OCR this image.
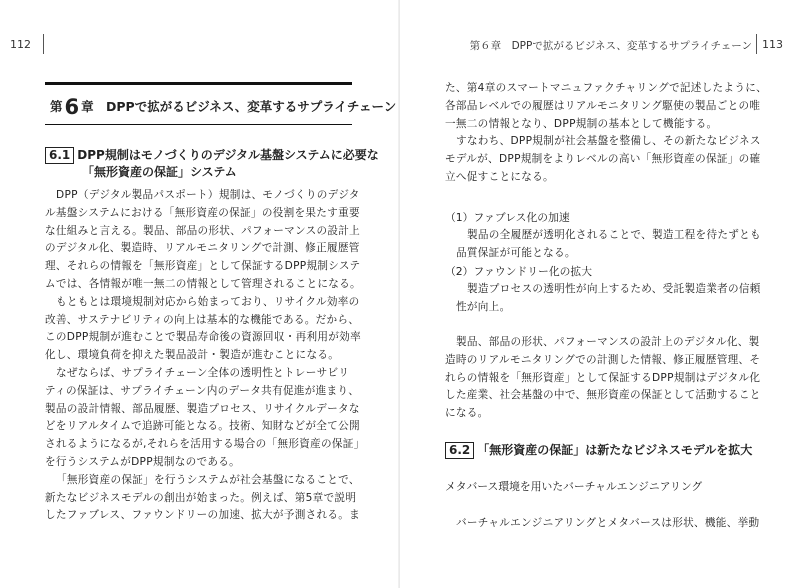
112
第6 章 DPPで拡がるビジネス、変革するサプライチェーン
6.1 DPP規制はモノづくりのデジタル基盤システムに必要な
「無形資産の保証」システム

DPP（デジタル製品パスポート）規制は、モノづくりのデジタ

ル基盤システムにおける「無形資産の保証」の役割を果たす重要

な仕組みと言える。製品、部品の形状、パフォーマンスの設計上

のデジタル化、製造時、リアルモニタリングで計測、修正履歴管

理、それらの情報を「無形資産」として保証するDPP規制システ

ムでは、各情報が唯一無二の情報として管理されることになる。

もともとは環境規制対応から始まっており、リサイクル効率の

改善、サステナビリティの向上は基本的な機能である。だから、

このDPP規制が進むことで製品寿命後の資源回収・再利用が効率

化し、環境負荷を抑えた製品設計・製造が進むことになる。

なぜならば、サプライチェーン全体の透明性とトレーサビリ

ティの保証は、サプライチェーン内のデータ共有促進が進まり、

製品の設計情報、部品履歴、製造プロセス、リサイクルデータな

どをリアルタイムで追跡可能となる。技術、知財などが全て公開

されるようになるが,それらを活用する場合の「無形資産の保証」

を行うシステムがDPP規制なのである。

「無形資産の保証」を行うシステムが社会基盤になることで、

新たなビジネスモデルの創出が始まった。例えば、第5章で説明

したファブレス、ファウンドリーの加速、拡大が予測される。ま

第６章　DPPで拡がるビジネス、変革するサプライチェーン 113

た、第4章のスマートマニュファクチャリングで記述したように、

各部品レベルでの履歴はリアルモニタリング駆使の製品ごとの唯

一無二の情報となり、DPP規制の基本として機能する。

すなわち、DPP規制が社会基盤を整備し、その新たなビジネス

モデルが、DPP規制をよりレベルの高い「無形資産の保証」の確

立へ促すことになる。

（1）ファブレス化の加速

製品の全履歴が透明化されることで、製造工程を待たずとも

品質保証が可能となる。

（2）ファウンドリー化の拡大

製造プロセスの透明性が向上するため、受託製造業者の信頼

性が向上。

製品、部品の形状、パフォーマンスの設計上のデジタル化、製

造時のリアルモニタリングでの計測した情報、修正履歴管理、そ

れらの情報を「無形資産」として保証するDPP規制はデジタル化

した産業、社会基盤の中で、無形資産の保証として活動すること

になる。

6.2 「無形資産の保証」は新たなビジネスモデルを拡大
メタバース環境を用いたバーチャルエンジニアリング

バーチャルエンジニアリングとメタバースは形状、機能、挙動
